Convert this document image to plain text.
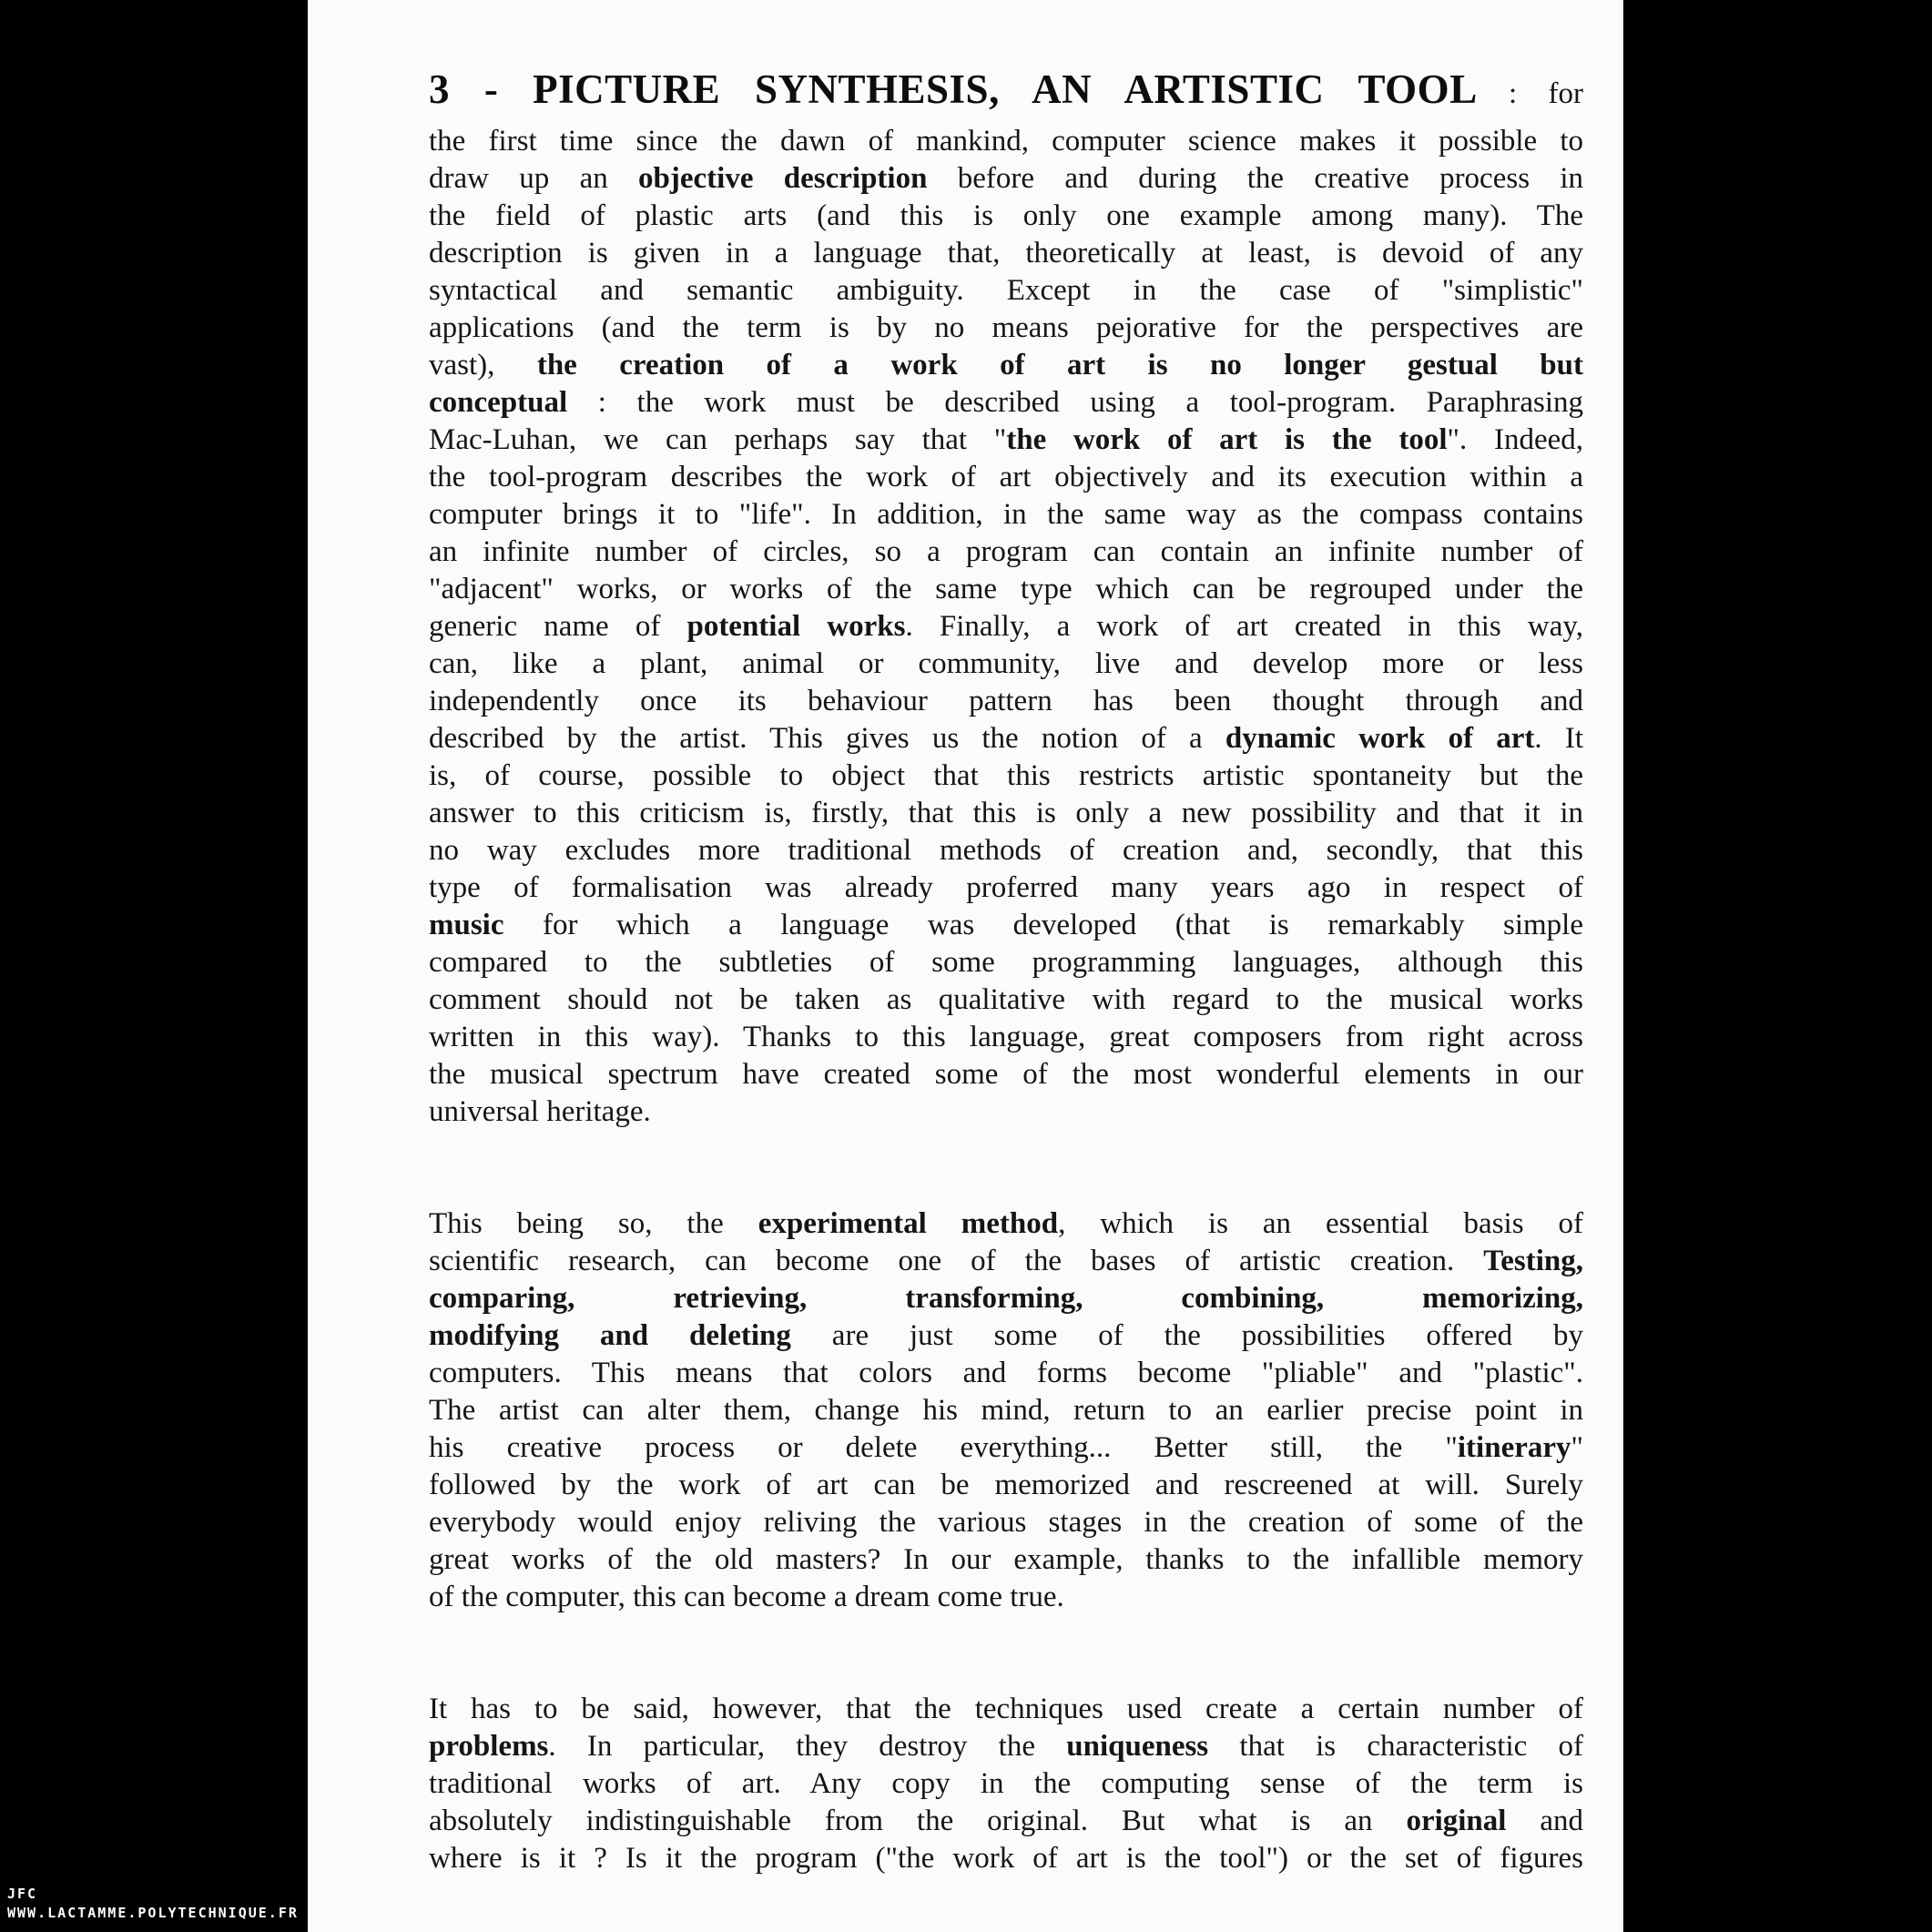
3 - PICTURE SYNTHESIS, AN ARTISTIC TOOL : for
the first time since the dawn of mankind, computer science makes it possible to
draw up an objective description before and during the creative process in
the field of plastic arts (and this is only one example among many). The
description is given in a language that, theoretically at least, is devoid of any
syntactical and semantic ambiguity. Except in the case of "simplistic"
applications (and the term is by no means pejorative for the perspectives are
vast), the creation of a work of art is no longer gestual but
conceptual : the work must be described using a tool-program. Paraphrasing
Mac-Luhan, we can perhaps say that "the work of art is the tool". Indeed,
the tool-program describes the work of art objectively and its execution within a
computer brings it to "life". In addition, in the same way as the compass contains
an infinite number of circles, so a program can contain an infinite number of
"adjacent" works, or works of the same type which can be regrouped under the
generic name of potential works. Finally, a work of art created in this way,
can, like a plant, animal or community, live and develop more or less
independently once its behaviour pattern has been thought through and
described by the artist. This gives us the notion of a dynamic work of art. It
is, of course, possible to object that this restricts artistic spontaneity but the
answer to this criticism is, firstly, that this is only a new possibility and that it in
no way excludes more traditional methods of creation and, secondly, that this
type of formalisation was already proferred many years ago in respect of
music for which a language was developed (that is remarkably simple
compared to the subtleties of some programming languages, although this
comment should not be taken as qualitative with regard to the musical works
written in this way). Thanks to this language, great composers from right across
the musical spectrum have created some of the most wonderful elements in our
universal heritage.
This being so, the experimental method, which is an essential basis of
scientific research, can become one of the bases of artistic creation. Testing,
comparing, retrieving, transforming, combining, memorizing,
modifying and deleting are just some of the possibilities offered by
computers. This means that colors and forms become "pliable" and "plastic".
The artist can alter them, change his mind, return to an earlier precise point in
his creative process or delete everything... Better still, the "itinerary"
followed by the work of art can be memorized and rescreened at will. Surely
everybody would enjoy reliving the various stages in the creation of some of the
great works of the old masters? In our example, thanks to the infallible memory
of the computer, this can become a dream come true.
It has to be said, however, that the techniques used create a certain number of
problems. In particular, they destroy the uniqueness that is characteristic of
traditional works of art. Any copy in the computing sense of the term is
absolutely indistinguishable from the original. But what is an original and
where is it ? Is it the program ("the work of art is the tool") or the set of figures
JFC
WWW.LACTAMME.POLYTECHNIQUE.FR
